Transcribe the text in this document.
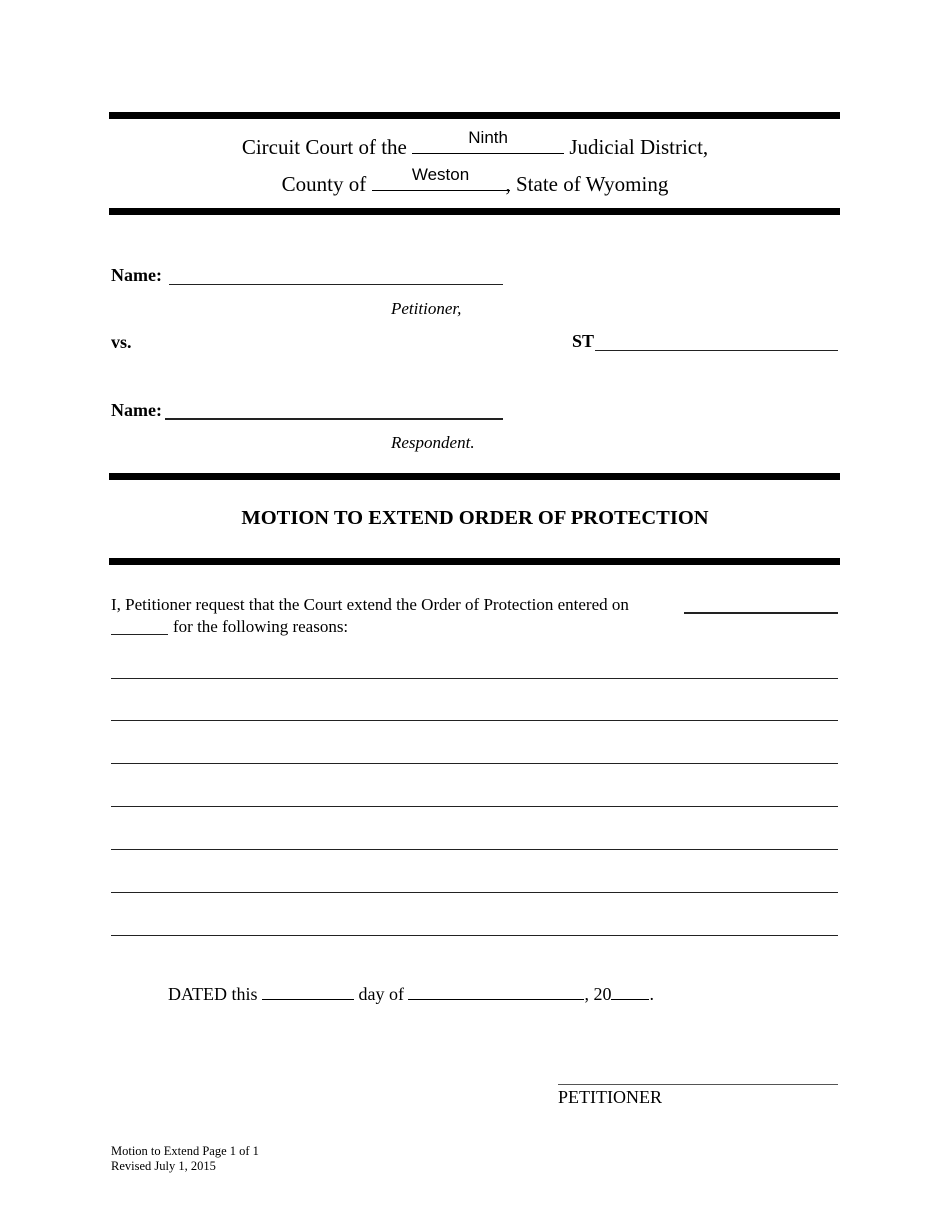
Circuit Court of the	Ninth	Judicial District,
County of	Weston	, State of Wyoming
Name:
Petitioner,
vs.	ST
Name:
Respondent.
MOTION TO EXTEND ORDER OF PROTECTION
I, Petitioner request that the Court extend the Order of Protection entered on
for the following reasons:
DATED this	day of	, 20 .
PETITIONER
Motion to Extend Page 1 of 1
Revised July 1, 2015
